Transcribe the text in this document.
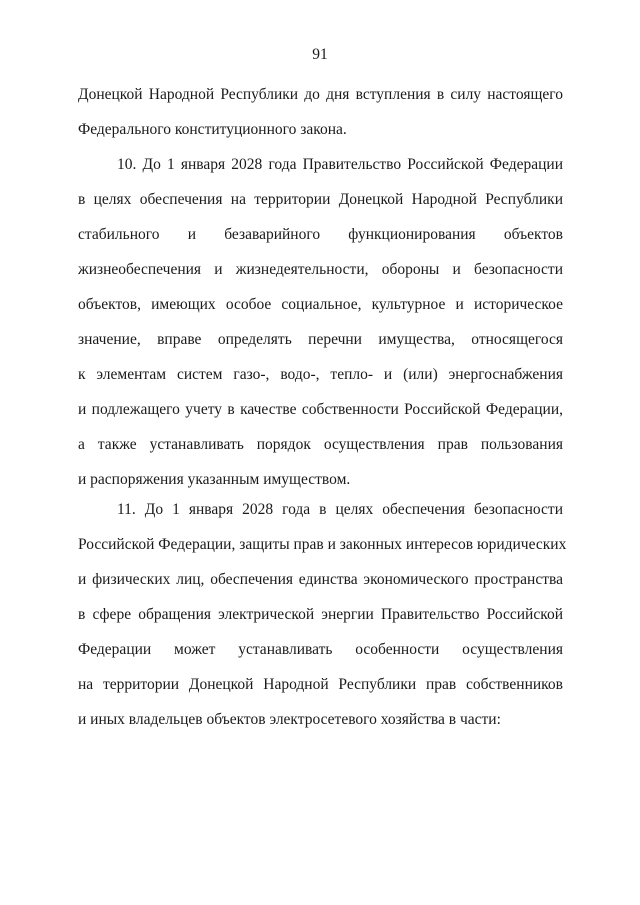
91
Донецкой Народной Республики до дня вступления в силу настоящего
Федерального конституционного закона.
10. До 1 января 2028 года Правительство Российской Федерации
в целях обеспечения на территории Донецкой Народной Республики
стабильного и безаварийного функционирования объектов
жизнеобеспечения и жизнедеятельности, обороны и безопасности
объектов, имеющих особое социальное, культурное и историческое
значение, вправе определять перечни имущества, относящегося
к элементам систем газо-, водо-, тепло- и (или) энергоснабжения
и подлежащего учету в качестве собственности Российской Федерации,
а также устанавливать порядок осуществления прав пользования
и распоряжения указанным имуществом.
11. До 1 января 2028 года в целях обеспечения безопасности
Российской Федерации, защиты прав и законных интересов юридических
и физических лиц, обеспечения единства экономического пространства
в сфере обращения электрической энергии Правительство Российской
Федерации может устанавливать особенности осуществления
на территории Донецкой Народной Республики прав собственников
и иных владельцев объектов электросетевого хозяйства в части:
